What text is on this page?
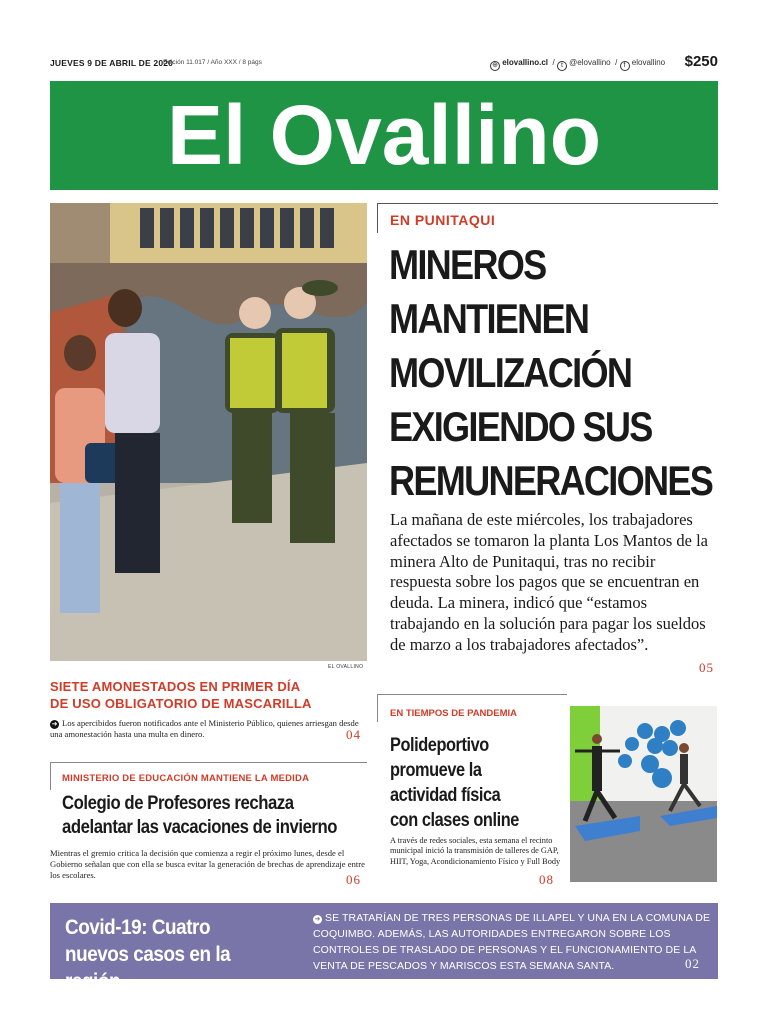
JUEVES 9 DE ABRIL DE 2020
Edición 11.017 / Año XXX / 8 págs	⊕ elovallino.cl  / t @elovallino  / f elovallino $250
El Ovallino
EL OVALLINO
EN PUNITAQUI
MINEROS
MANTIENEN
MOVILIZACIÓN
EXIGIENDO SUS
REMUNERACIONES
La mañana de este miércoles, los trabajadores afectados se tomaron la planta Los Mantos de la minera Alto de Punitaqui, tras no recibir respuesta sobre los pagos que se encuentran en deuda. La minera, indicó que “estamos trabajando en la solución para pagar los sueldos de marzo a los trabajadores afectados”.
05
SIETE AMONESTADOS EN PRIMER DÍA
DE USO OBLIGATORIO DE MASCARILLA
➜ Los apercibidos fueron notificados ante el Ministerio Público, quienes arriesgan desde una amonestación hasta una multa en dinero.	04
MINISTERIO DE EDUCACIÓN MANTIENE LA MEDIDA
Colegio de Profesores rechaza
adelantar las vacaciones de invierno
Mientras el gremio critica la decisión que comienza a regir el próximo lunes, desde el Gobierno señalan que con ella se busca evitar la generación de brechas de aprendizaje entre los escolares.	06
EN TIEMPOS DE PANDEMIA
Polideportivo
promueve la
actividad física
con clases online
A través de redes sociales, esta semana el recinto municipal inició la transmisión de talleres de GAP, HIIT, Yoga, Acondicionamiento Físico y Full Body
08
Covid-19: Cuatro nuevos casos en la región
➜ SE TRATARÍAN DE TRES PERSONAS DE ILLAPEL Y UNA EN LA COMUNA DE COQUIMBO. ADEMÁS, LAS AUTORIDADES ENTREGARON SOBRE LOS CONTROLES DE TRASLADO DE PERSONAS Y EL FUNCIONAMIENTO DE LA VENTA DE PESCADOS Y MARISCOS ESTA SEMANA SANTA.	02
